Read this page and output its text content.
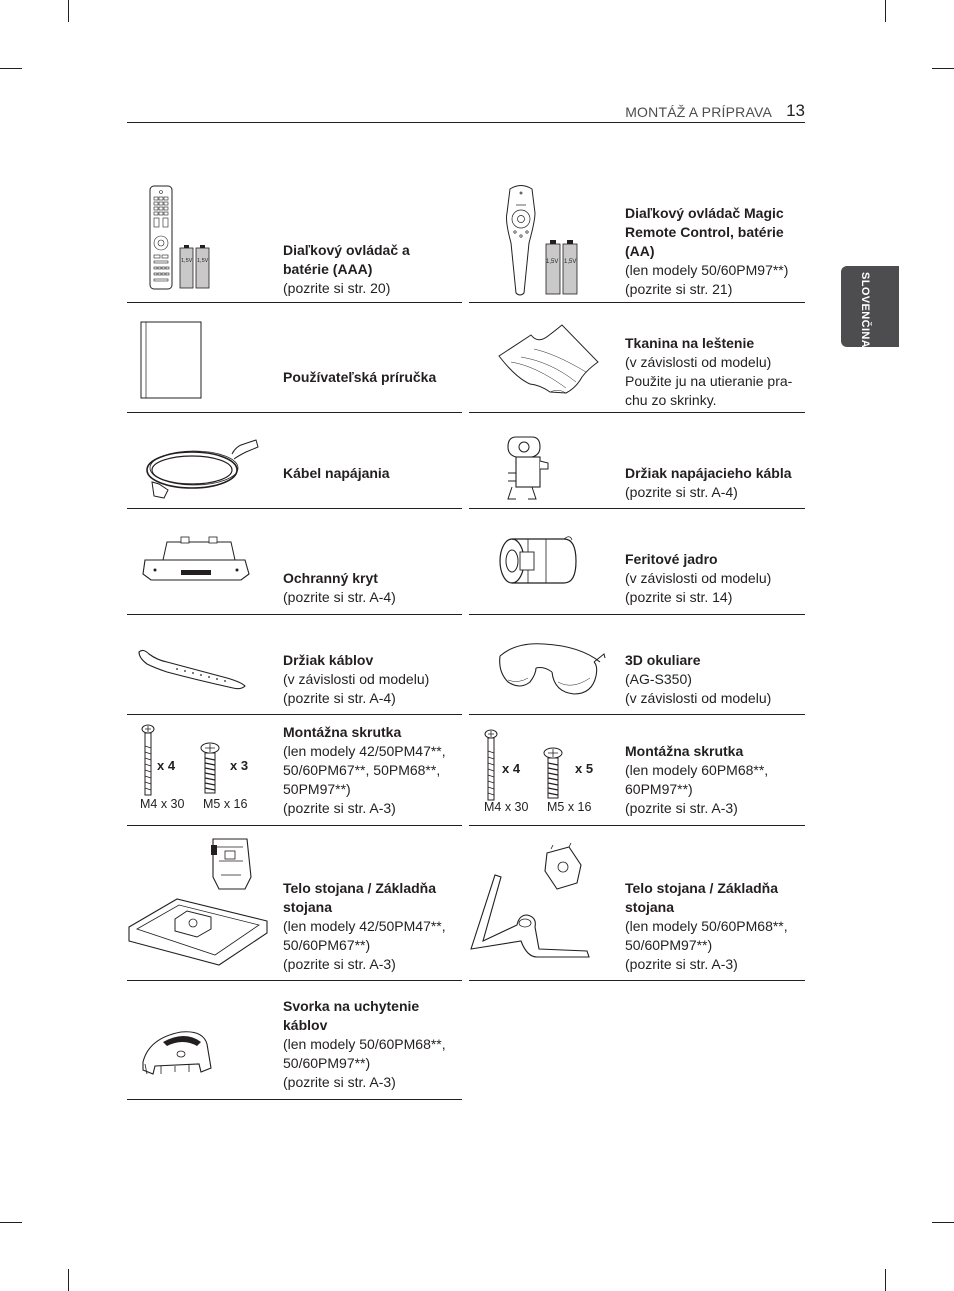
MONTÁŽ A PRÍPRAVA 13
SLOVENČINA
1,5V 1,5V
Diaľkový ovládač a batérie (AAA)
(pozrite si str. 20)
1,5V 1,5V
Diaľkový ovládač Magic Remote Control, batérie (AA)
(len modely 50/60PM97**)
(pozrite si str. 21)
Používateľská príručka
Tkanina na leštenie
(v závislosti od modelu)
Použite ju na utieranie pra-chu zo skrinky.
Kábel napájania	Držiak napájacieho kábla
(pozrite si str. A-4)
Ochranný kryt
(pozrite si str. A-4)
Feritové jadro
(v závislosti od modelu)
(pozrite si str. 14)
Držiak káblov
(v závislosti od modelu)
(pozrite si str. A-4)
3D okuliare
(AG-S350)
(v závislosti od modelu)
x 4	x 3
M4 x 30 M5 x 16
Montážna skrutka
(len modely 42/50PM47**,
50/60PM67**, 50PM68**,
50PM97**)
(pozrite si str. A-3)
x 4	x 5
M4 x 30 M5 x 16
Montážna skrutka
(len modely 60PM68**,
60PM97**)
(pozrite si str. A-3)
Telo stojana / Základňa stojana
(len modely 42/50PM47**,
50/60PM67**)
(pozrite si str. A-3)
Telo stojana / Základňa stojana
(len modely 50/60PM68**,
50/60PM97**)
(pozrite si str. A-3)
Svorka na uchytenie káblov
(len modely 50/60PM68**,
50/60PM97**)
(pozrite si str. A-3)
